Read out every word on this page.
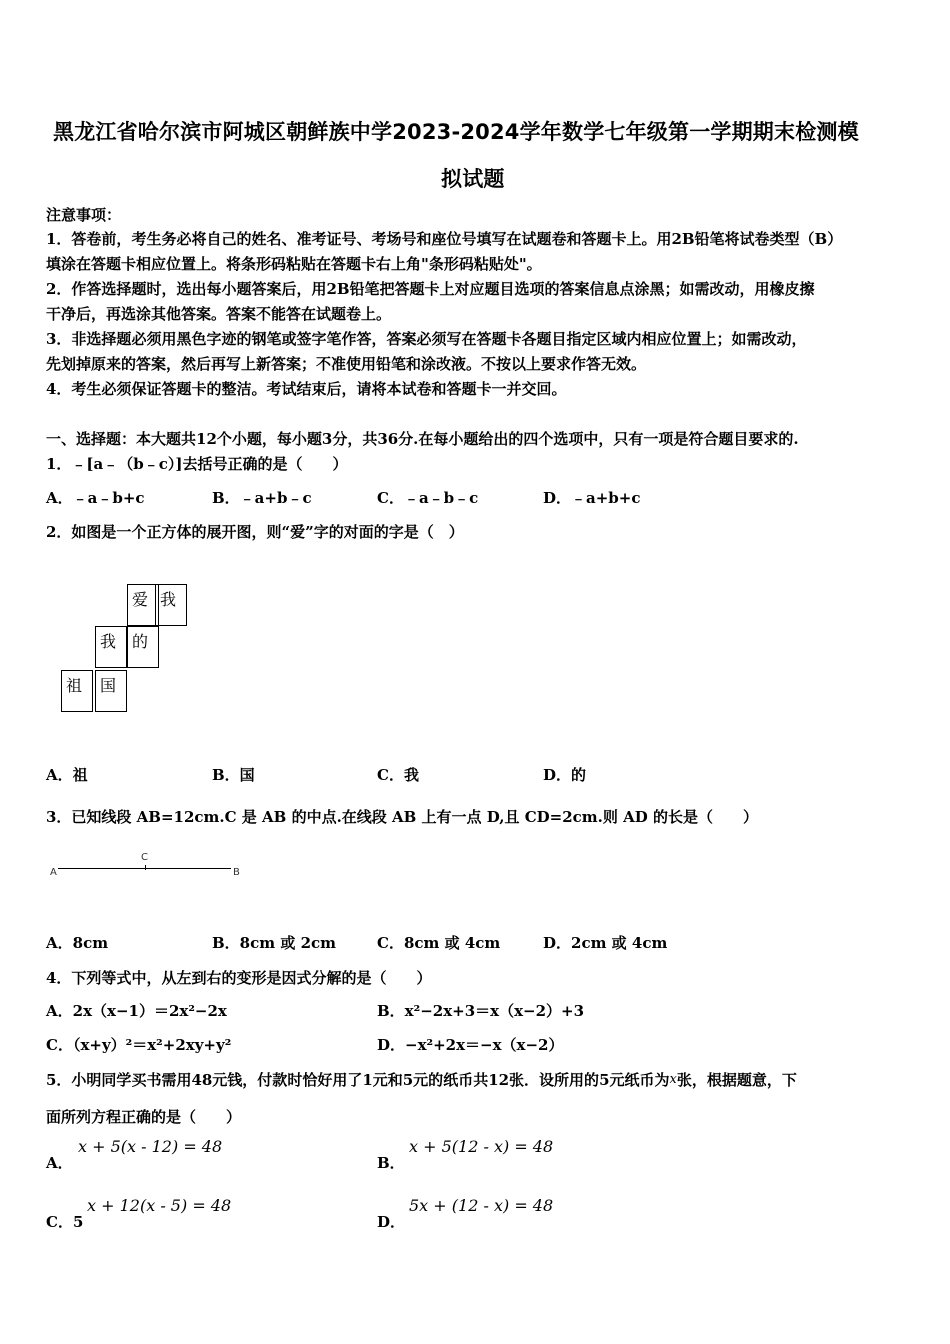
黑龙江省哈尔滨市阿城区朝鲜族中学2023-2024学年数学七年级第一学期期末检测模
拟试题
注意事项：
1．答卷前，考生务必将自己的姓名、准考证号、考场号和座位号填写在试题卷和答题卡上。用2B铅笔将试卷类型（B）
填涂在答题卡相应位置上。将条形码粘贴在答题卡右上角"条形码粘贴处"。
2．作答选择题时，选出每小题答案后，用2B铅笔把答题卡上对应题目选项的答案信息点涂黑；如需改动，用橡皮擦
干净后，再选涂其他答案。答案不能答在试题卷上。
3．非选择题必须用黑色字迹的钢笔或签字笔作答，答案必须写在答题卡各题目指定区域内相应位置上；如需改动，
先划掉原来的答案，然后再写上新答案；不准使用铅笔和涂改液。不按以上要求作答无效。
4．考生必须保证答题卡的整洁。考试结束后，请将本试卷和答题卡一并交回。
一、选择题：本大题共12个小题，每小题3分，共36分.在每小题给出的四个选项中，只有一项是符合题目要求的.
1．﹣[a﹣（b﹣c）]去括号正确的是（　　）
A．﹣a﹣b+c	B．﹣a+b﹣c	C．﹣a﹣b﹣c	D．﹣a+b+c
2．如图是一个正方体的展开图，则“爱”字的对面的字是（　）
爱 我
我 的
祖	国
A．祖	B．国	C．我	D．的
3．已知线段 AB=12cm.C 是 AB 的中点.在线段 AB 上有一点 D,且 CD=2cm.则 AD 的长是（　　）
A
C
B
A．8cm	B．8cm 或 2cm	C．8cm 或 4cm	D．2cm 或 4cm
4．下列等式中，从左到右的变形是因式分解的是（　　）
A．2x（x−1）＝2x²−2x	B．x²−2x+3＝x（x−2）+3
C．（x+y）²＝x²+2xy+y²	D．−x²+2x＝−x（x−2）
5．小明同学买书需用48元钱，付款时恰好用了1元和5元的纸币共12张．设所用的5元纸币为x张，根据题意，下
面所列方程正确的是（　　）
A．
x + 5(x - 12) = 48
B．
x + 5(12 - x) = 48
C．5
x + 12(x - 5) = 48
D．
5x + (12 - x) = 48
